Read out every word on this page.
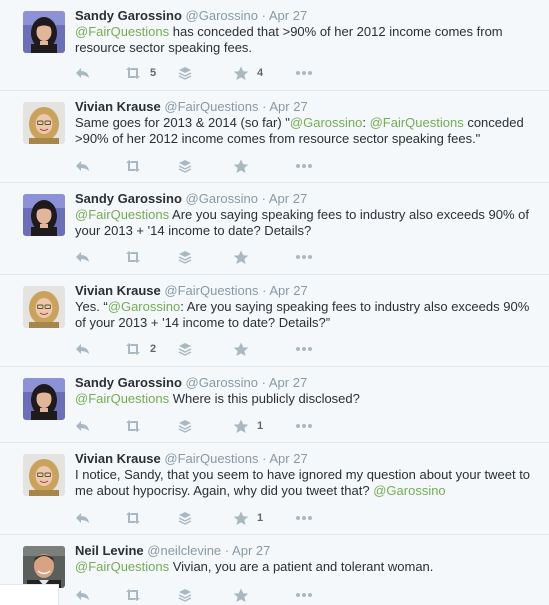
Sandy Garossino @Garossino · Apr 27
@FairQuestions has conceded that >90% of her 2012 income comes from resource sector speaking fees.
5	4
Vivian Krause @FairQuestions · Apr 27
Same goes for 2013 & 2014 (so far) "@Garossino: @FairQuestions conceded >90% of her 2012 income comes from resource sector speaking fees."
Sandy Garossino @Garossino · Apr 27
@FairQuestions Are you saying speaking fees to industry also exceeds 90% of your 2013 + '14 income to date? Details?
Vivian Krause @FairQuestions · Apr 27
Yes. “@Garossino: Are you saying speaking fees to industry also exceeds 90% of your 2013 + '14 income to date? Details?”
2
Sandy Garossino @Garossino · Apr 27
@FairQuestions Where is this publicly disclosed?
1
Vivian Krause @FairQuestions · Apr 27
I notice, Sandy, that you seem to have ignored my question about your tweet to me about hypocrisy. Again, why did you tweet that? @Garossino
1
Neil Levine @neilclevine · Apr 27
@FairQuestions Vivian, you are a patient and tolerant woman.
